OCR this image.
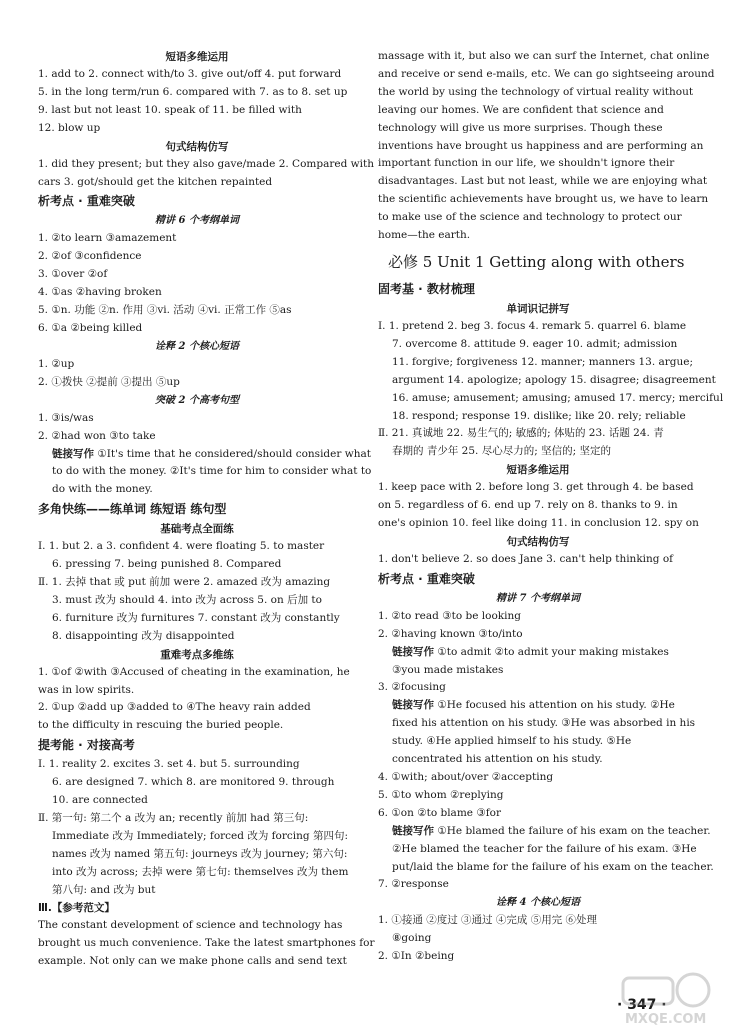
短语多维运用
1. add to 2. connect with/to 3. give out/off 4. put forward
5. in the long term/run 6. compared with 7. as to 8. set up
9. last but not least 10. speak of 11. be filled with
12. blow up
句式结构仿写
1. did they present; but they also gave/made 2. Compared with
cars 3. got/should get the kitchen repainted
析考点 · 重难突破
精讲 6 个考纲单词
1. ②to learn ③amazement
2. ②of ③confidence
3. ①over ②of
4. ①as ②having broken
5. ①n. 功能 ②n. 作用 ③vi. 活动 ④vi. 正常工作 ⑤as
6. ①a ②being killed
诠释 2 个核心短语
1. ②up
2. ①拨快 ②提前 ③提出 ⑤up
突破 2 个高考句型
1. ③is/was
2. ②had won ③to take
链接写作 ①It's time that he considered/should consider what
to do with the money. ②It's time for him to consider what to
do with the money.
多角快练——练单词 练短语 练句型
基础考点全面练
Ⅰ. 1. but 2. a 3. confident 4. were floating 5. to master
6. pressing 7. being punished 8. Compared
Ⅱ. 1. 去掉 that 或 put 前加 were 2. amazed 改为 amazing
3. must 改为 should 4. into 改为 across 5. on 后加 to
6. furniture 改为 furnitures 7. constant 改为 constantly
8. disappointing 改为 disappointed
重难考点多维练
1. ①of ②with ③Accused of cheating in the examination, he
was in low spirits.
2. ①up ②add up ③added to ④The heavy rain added
to the difficulty in rescuing the buried people.
提考能 · 对接高考
Ⅰ. 1. reality 2. excites 3. set 4. but 5. surrounding
6. are designed 7. which 8. are monitored 9. through
10. are connected
Ⅱ. 第一句: 第二个 a 改为 an; recently 前加 had 第三句:
Immediate 改为 Immediately; forced 改为 forcing 第四句:
names 改为 named 第五句: journeys 改为 journey; 第六句:
into 改为 across; 去掉 were 第七句: themselves 改为 them
第八句: and 改为 but
Ⅲ.【参考范文】
The constant development of science and technology has
brought us much convenience. Take the latest smartphones for
example. Not only can we make phone calls and send text
massage with it, but also we can surf the Internet, chat online
and receive or send e-mails, etc. We can go sightseeing around
the world by using the technology of virtual reality without
leaving our homes. We are confident that science and
technology will give us more surprises. Though these
inventions have brought us happiness and are performing an
important function in our life, we shouldn't ignore their
disadvantages. Last but not least, while we are enjoying what
the scientific achievements have brought us, we have to learn
to make use of the science and technology to protect our
home—the earth.
必修 5 Unit 1 Getting along with others
固考基 · 教材梳理
单词识记拼写
Ⅰ. 1. pretend 2. beg 3. focus 4. remark 5. quarrel 6. blame
7. overcome 8. attitude 9. eager 10. admit; admission
11. forgive; forgiveness 12. manner; manners 13. argue;
argument 14. apologize; apology 15. disagree; disagreement
16. amuse; amusement; amusing; amused 17. mercy; merciful
18. respond; response 19. dislike; like 20. rely; reliable
Ⅱ. 21. 真诚地 22. 易生气的; 敏感的; 体贴的 23. 话题 24. 青
春期的 青少年 25. 尽心尽力的; 坚信的; 坚定的
短语多维运用
1. keep pace with 2. before long 3. get through 4. be based
on 5. regardless of 6. end up 7. rely on 8. thanks to 9. in
one's opinion 10. feel like doing 11. in conclusion 12. spy on
句式结构仿写
1. don't believe 2. so does Jane 3. can't help thinking of
析考点 · 重难突破
精讲 7 个考纲单词
1. ②to read ③to be looking
2. ②having known ③to/into
链接写作 ①to admit ②to admit your making mistakes
③you made mistakes
3. ②focusing
链接写作 ①He focused his attention on his study. ②He
fixed his attention on his study. ③He was absorbed in his
study. ④He applied himself to his study. ⑤He
concentrated his attention on his study.
4. ①with; about/over ②accepting
5. ①to whom ②replying
6. ①on ②to blame ③for
链接写作 ①He blamed the failure of his exam on the teacher.
②He blamed the teacher for the failure of his exam. ③He
put/laid the blame for the failure of his exam on the teacher.
7. ②response
诠释 4 个核心短语
1. ①接通 ②度过 ③通过 ④完成 ⑤用完 ⑥处理
⑧going
2. ①In ②being
· 347 ·
MXQE.COM
